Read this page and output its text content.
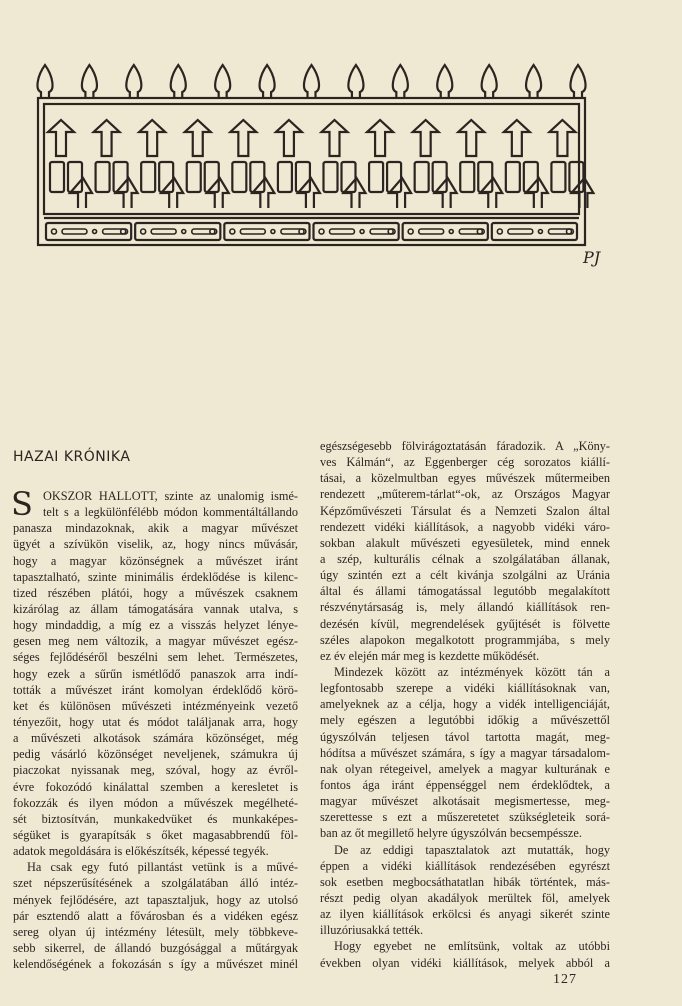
PJ
HAZAI KRÓNIKA
S OKSZOR HALLOTT, szinte az unalomig ismé-
telt s a legkülönfélébb módon kommentáltállando
panasza mindazoknak, akik a magyar művészet
ügyét a szívükön viselik, az, hogy nincs művásár,
hogy a magyar közönségnek a művészet iránt
tapasztalható, szinte minimális érdeklődése is kilenc-
tized részében plátói, hogy a művészek csaknem
kizárólag az állam támogatására vannak utalva, s
hogy mindaddig, a míg ez a visszás helyzet lénye-
gesen meg nem változik, a magyar művészet egész-
séges fejlődéséről beszélni sem lehet. Természetes,
hogy ezek a sűrűn ismétlődő panaszok arra indí-
tották a művészet iránt komolyan érdeklődő körö-
ket és különösen művészeti intézményeink vezető
tényezőit, hogy utat és módot találjanak arra, hogy
a művészeti alkotások számára közönséget, még
pedig vásárló közönséget neveljenek, számukra új
piaczokat nyissanak meg, szóval, hogy az évről-
évre fokozódó kinálattal szemben a keresletet is
fokozzák és ilyen módon a művészek megélheté-
sét biztosítván, munkakedvüket és munkaképes-
ségüket is gyarapítsák s őket magasabbrendű föl-
adatok megoldására is előkészítsék, képessé tegyék.
Ha csak egy futó pillantást vetünk is a művé-
szet népszerűsítésének a szolgálatában álló intéz-
mények fejlődésére, azt tapasztaljuk, hogy az utolsó
pár esztendő alatt a fővárosban és a vidéken egész
sereg olyan új intézmény létesült, mely többkeve-
sebb sikerrel, de állandó buzgósággal a műtárgyak
kelendőségének a fokozásán s így a művészet minél
egészségesebb fölvirágoztatásán fáradozik. A „Köny-
ves Kálmán“, az Eggenberger cég sorozatos kiállí-
tásai, a közelmultban egyes művészek műtermeiben
rendezett „műterem-tárlat“-ok, az Országos Magyar
Képzőművészeti Társulat és a Nemzeti Szalon által
rendezett vidéki kiállítások, a nagyobb vidéki váro-
sokban alakult művészeti egyesületek, mind ennek
a szép, kulturális célnak a szolgálatában állanak,
úgy szintén ezt a célt kivánja szolgálni az Uránia
által és állami támogatással legutóbb megalakított
részvénytársaság is, mely állandó kiállítások ren-
dezésén kívül, megrendelések gyűjtését is fölvette
széles alapokon megalkotott programmjába, s mely
ez év elején már meg is kezdette működését.
Mindezek között az intézmények között tán a
legfontosabb szerepe a vidéki kiállításoknak van,
amelyeknek az a célja, hogy a vidék intelligenciáját,
mely egészen a legutóbbi időkig a művészettől
úgyszólván teljesen távol tartotta magát, meg-
hódítsa a művészet számára, s így a magyar társadalom-
nak olyan rétegeivel, amelyek a magyar kulturának e
fontos ága iránt éppenséggel nem érdeklődtek, a
magyar művészet alkotásait megismertesse, meg-
szerettesse s ezt a műszeretetet szükségleteik sorá-
ban az őt megillető helyre úgyszólván becsempéssze.
De az eddigi tapasztalatok azt mutatták, hogy
éppen a vidéki kiállítások rendezésében egyrészt
sok esetben megbocsáthatatlan hibák történtek, más-
részt pedig olyan akadályok merültek föl, amelyek
az ilyen kiállítások erkölcsi és anyagi sikerét szinte
illuzóriusakká tették.
Hogy egyebet ne említsünk, voltak az utóbbi
években olyan vidéki kiállítások, melyek abból a
127
